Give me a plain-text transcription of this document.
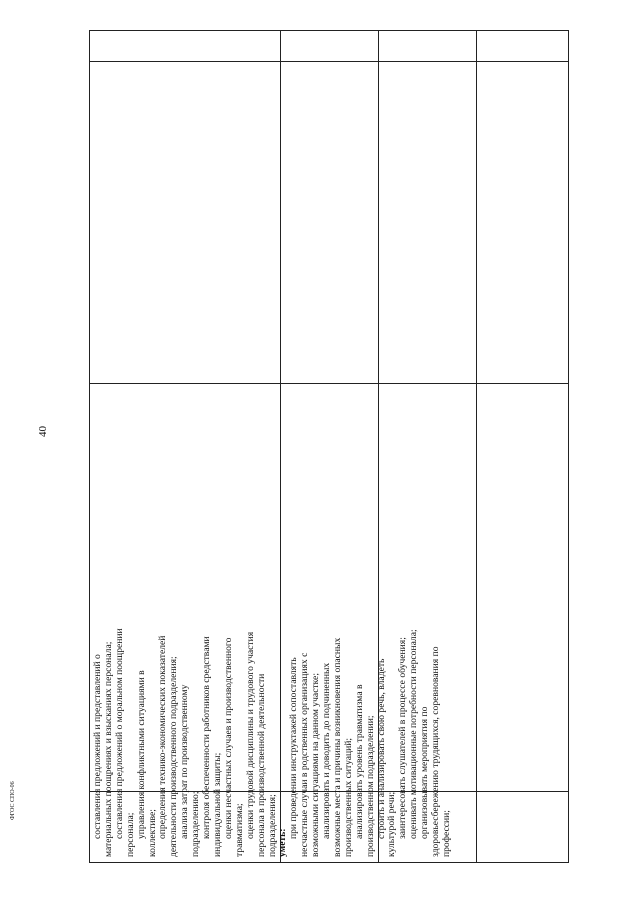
40
ФГОС СПО-06	составления предложений и представлений о материальных поощрениях и взысканиях персонала; составления предложений о моральном поощрении персонала; управления конфликтными ситуациями в коллективе; определения технико-экономических показателей деятельности производственного подразделения; анализа затрат по производственному подразделению; контроля обеспеченности работников средствами индивидуальной защиты; оценки несчастных случаев и производственного травматизма; оценки трудовой дисциплины и трудового участия персонала в производственной деятельности подразделения; уметь:
при проведении инструктажей сопоставлять несчастные случаи в родственных организациях с возможными ситуациями на данном участке; анализировать и доводить до подчиненных возможные места и причины возникновения опасных производственных ситуаций; анализировать уровень травматизма в производственном подразделении; строить и анализировать свою речь, владеть культурой речи; заинтересовать слушателей в процессе обучения; оценивать мотивационные потребности персонала; организовывать мероприятия по здоровьесбережению трудящихся, соревнования по профессии;
